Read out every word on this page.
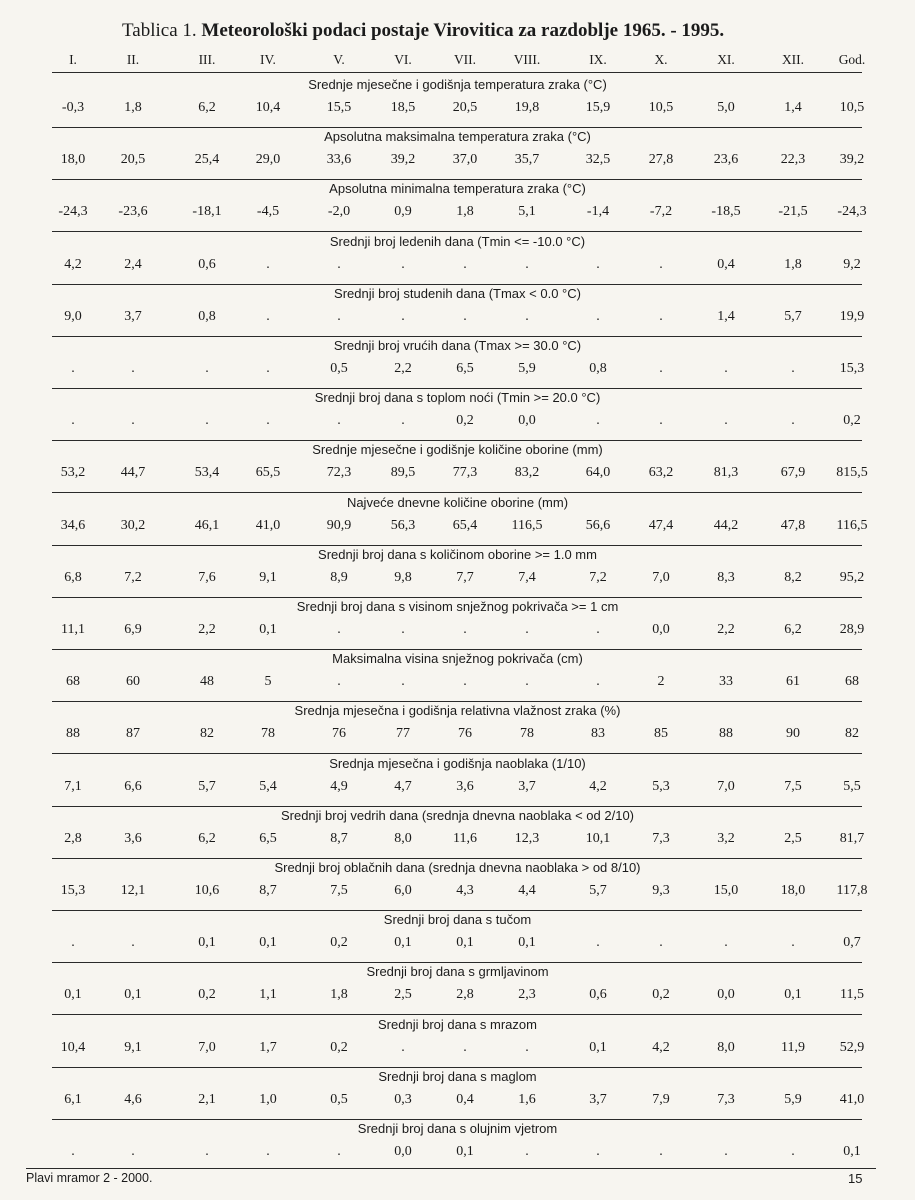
Tablica 1. Meteorološki podaci postaje Virovitica za razdoblje 1965. - 1995.
I.	II.	III.	IV.	V.	VI.	VII.	VIII.	IX.	X.	XI.	XII.	God.
Srednje mjesečne i godišnja temperatura zraka (°C)
-0,3	1,8	6,2	10,4	15,5	18,5	20,5	19,8	15,9	10,5	5,0	1,4	10,5
Apsolutna maksimalna temperatura zraka (°C)
18,0	20,5	25,4	29,0	33,6	39,2	37,0	35,7	32,5	27,8	23,6	22,3 39,2
Apsolutna minimalna temperatura zraka (°C)
-24,3 -23,6	-18,1	-4,5	-2,0	0,9	1,8	5,1	-1,4	-7,2	-18,5	-21,5 -24,3
Srednji broj ledenih dana (Tmin <= -10.0 °C)
4,2	2,4	0,6	.	.	.	.	.	.	.	0,4	1,8	9,2
Srednji broj studenih dana (Tmax < 0.0 °C)
9,0	3,7	0,8	.	.	.	.	.	.	.	1,4	5,7	19,9
Srednji broj vrućih dana (Tmax >= 30.0 °C)
.	.	.	.	0,5	2,2	6,5	5,9	0,8	.	.	.	15,3
Srednji broj dana s toplom noći (Tmin >= 20.0 °C)
.	.	.	.	.	.	0,2	0,0	.	.	.	.	0,2
Srednje mjesečne i godišnje količine oborine (mm)
53,2	44,7	53,4	65,5	72,3	89,5	77,3	83,2	64,0	63,2	81,3	67,9 815,5
Najveće dnevne količine oborine (mm)
34,6	30,2	46,1	41,0	90,9	56,3	65,4 116,5	56,6	47,4	44,2	47,8 116,5
Srednji broj dana s količinom oborine >= 1.0 mm
6,8	7,2	7,6	9,1	8,9	9,8	7,7	7,4	7,2	7,0	8,3	8,2	95,2
Srednji broj dana s visinom snježnog pokrivača >= 1 cm
11,1	6,9	2,2	0,1	.	.	.	.	.	0,0	2,2	6,2	28,9
Maksimalna visina snježnog pokrivača (cm)
68	60	48	5	.	.	.	.	.	2	33	61	68
Srednja mjesečna i godišnja relativna vlažnost zraka (%)
88	87	82	78	76	77	76	78	83	85	88	90	82
Srednja mjesečna i godišnja naoblaka (1/10)
7,1	6,6	5,7	5,4	4,9	4,7	3,6	3,7	4,2	5,3	7,0	7,5	5,5
Srednji broj vedrih dana (srednja dnevna naoblaka < od 2/10)
2,8	3,6	6,2	6,5	8,7	8,0	11,6	12,3	10,1	7,3	3,2	2,5	81,7
Srednji broj oblačnih dana (srednja dnevna naoblaka > od 8/10)
15,3	12,1	10,6	8,7	7,5	6,0	4,3	4,4	5,7	9,3	15,0	18,0 117,8
Srednji broj dana s tučom
.	.	0,1	0,1	0,2	0,1	0,1	0,1	.	.	.	.	0,7
Srednji broj dana s grmljavinom
0,1	0,1	0,2	1,1	1,8	2,5	2,8	2,3	0,6	0,2	0,0	0,1	11,5
Srednji broj dana s mrazom
10,4	9,1	7,0	1,7	0,2	.	.	.	0,1	4,2	8,0	11,9 52,9
Srednji broj dana s maglom
6,1	4,6	2,1	1,0	0,5	0,3	0,4	1,6	3,7	7,9	7,3	5,9	41,0
Srednji broj dana s olujnim vjetrom
.	.	.	.	.	0,0	0,1	.	.	.	.	.	0,1
Plavi mramor 2 - 2000.	15
